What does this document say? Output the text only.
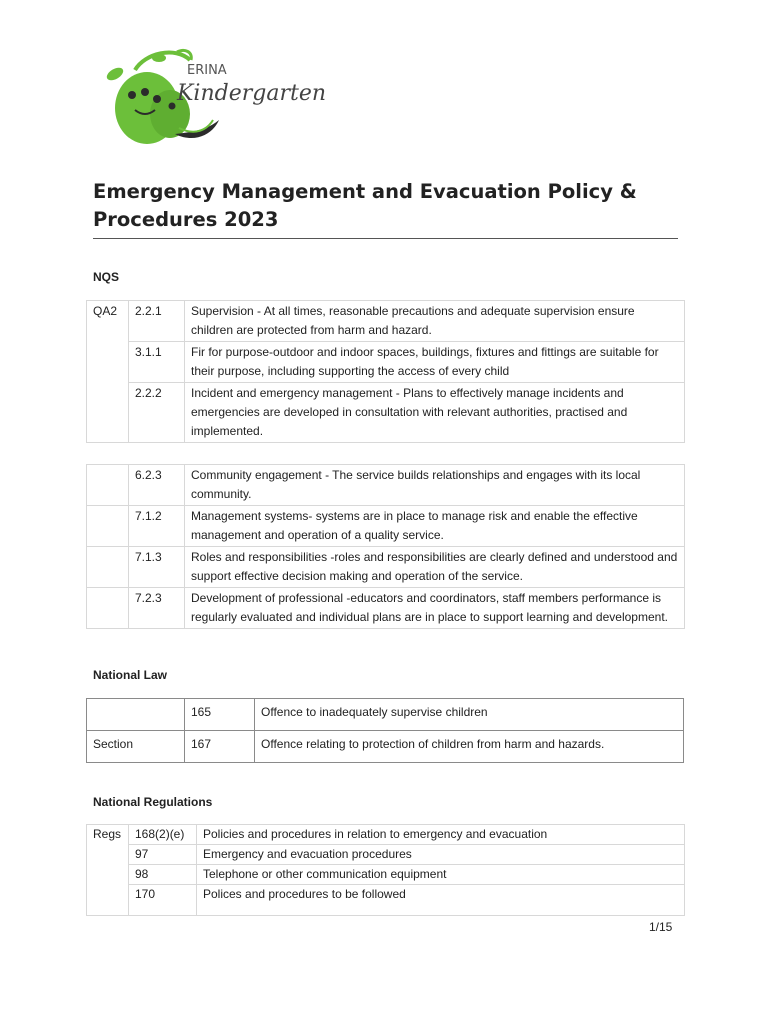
ERINA
Kindergarten
Emergency Management and Evacuation Policy &
Procedures 2023
NQS
QA2	2.2.1	Supervision - At all times, reasonable precautions and adequate supervision ensure children are protected from harm and hazard.
	3.1.1	Fir for purpose-outdoor and indoor spaces, buildings, fixtures and fittings are suitable for their purpose, including supporting the access of every child
	2.2.2	Incident and emergency management - Plans to effectively manage incidents and emergencies are developed in consultation with relevant authorities, practised and implemented.
	6.2.3	Community engagement - The service builds relationships and engages with its local community.
	7.1.2	Management systems- systems are in place to manage risk and enable the effective management and operation of a quality service.
	7.1.3	Roles and responsibilities -roles and responsibilities are clearly defined and understood and support effective decision making and operation of the service.
	7.2.3	Development of professional -educators and coordinators, staff members performance is regularly evaluated and individual plans are in place to support learning and development.
National Law
	165	Offence to inadequately supervise children
Section	167	Offence relating to protection of children from harm and hazards.
National Regulations
Regs	168(2)(e)	Policies and procedures in relation to emergency and evacuation
	97	Emergency and evacuation procedures
	98	Telephone or other communication equipment
	170	Polices and procedures to be followed
1/15
